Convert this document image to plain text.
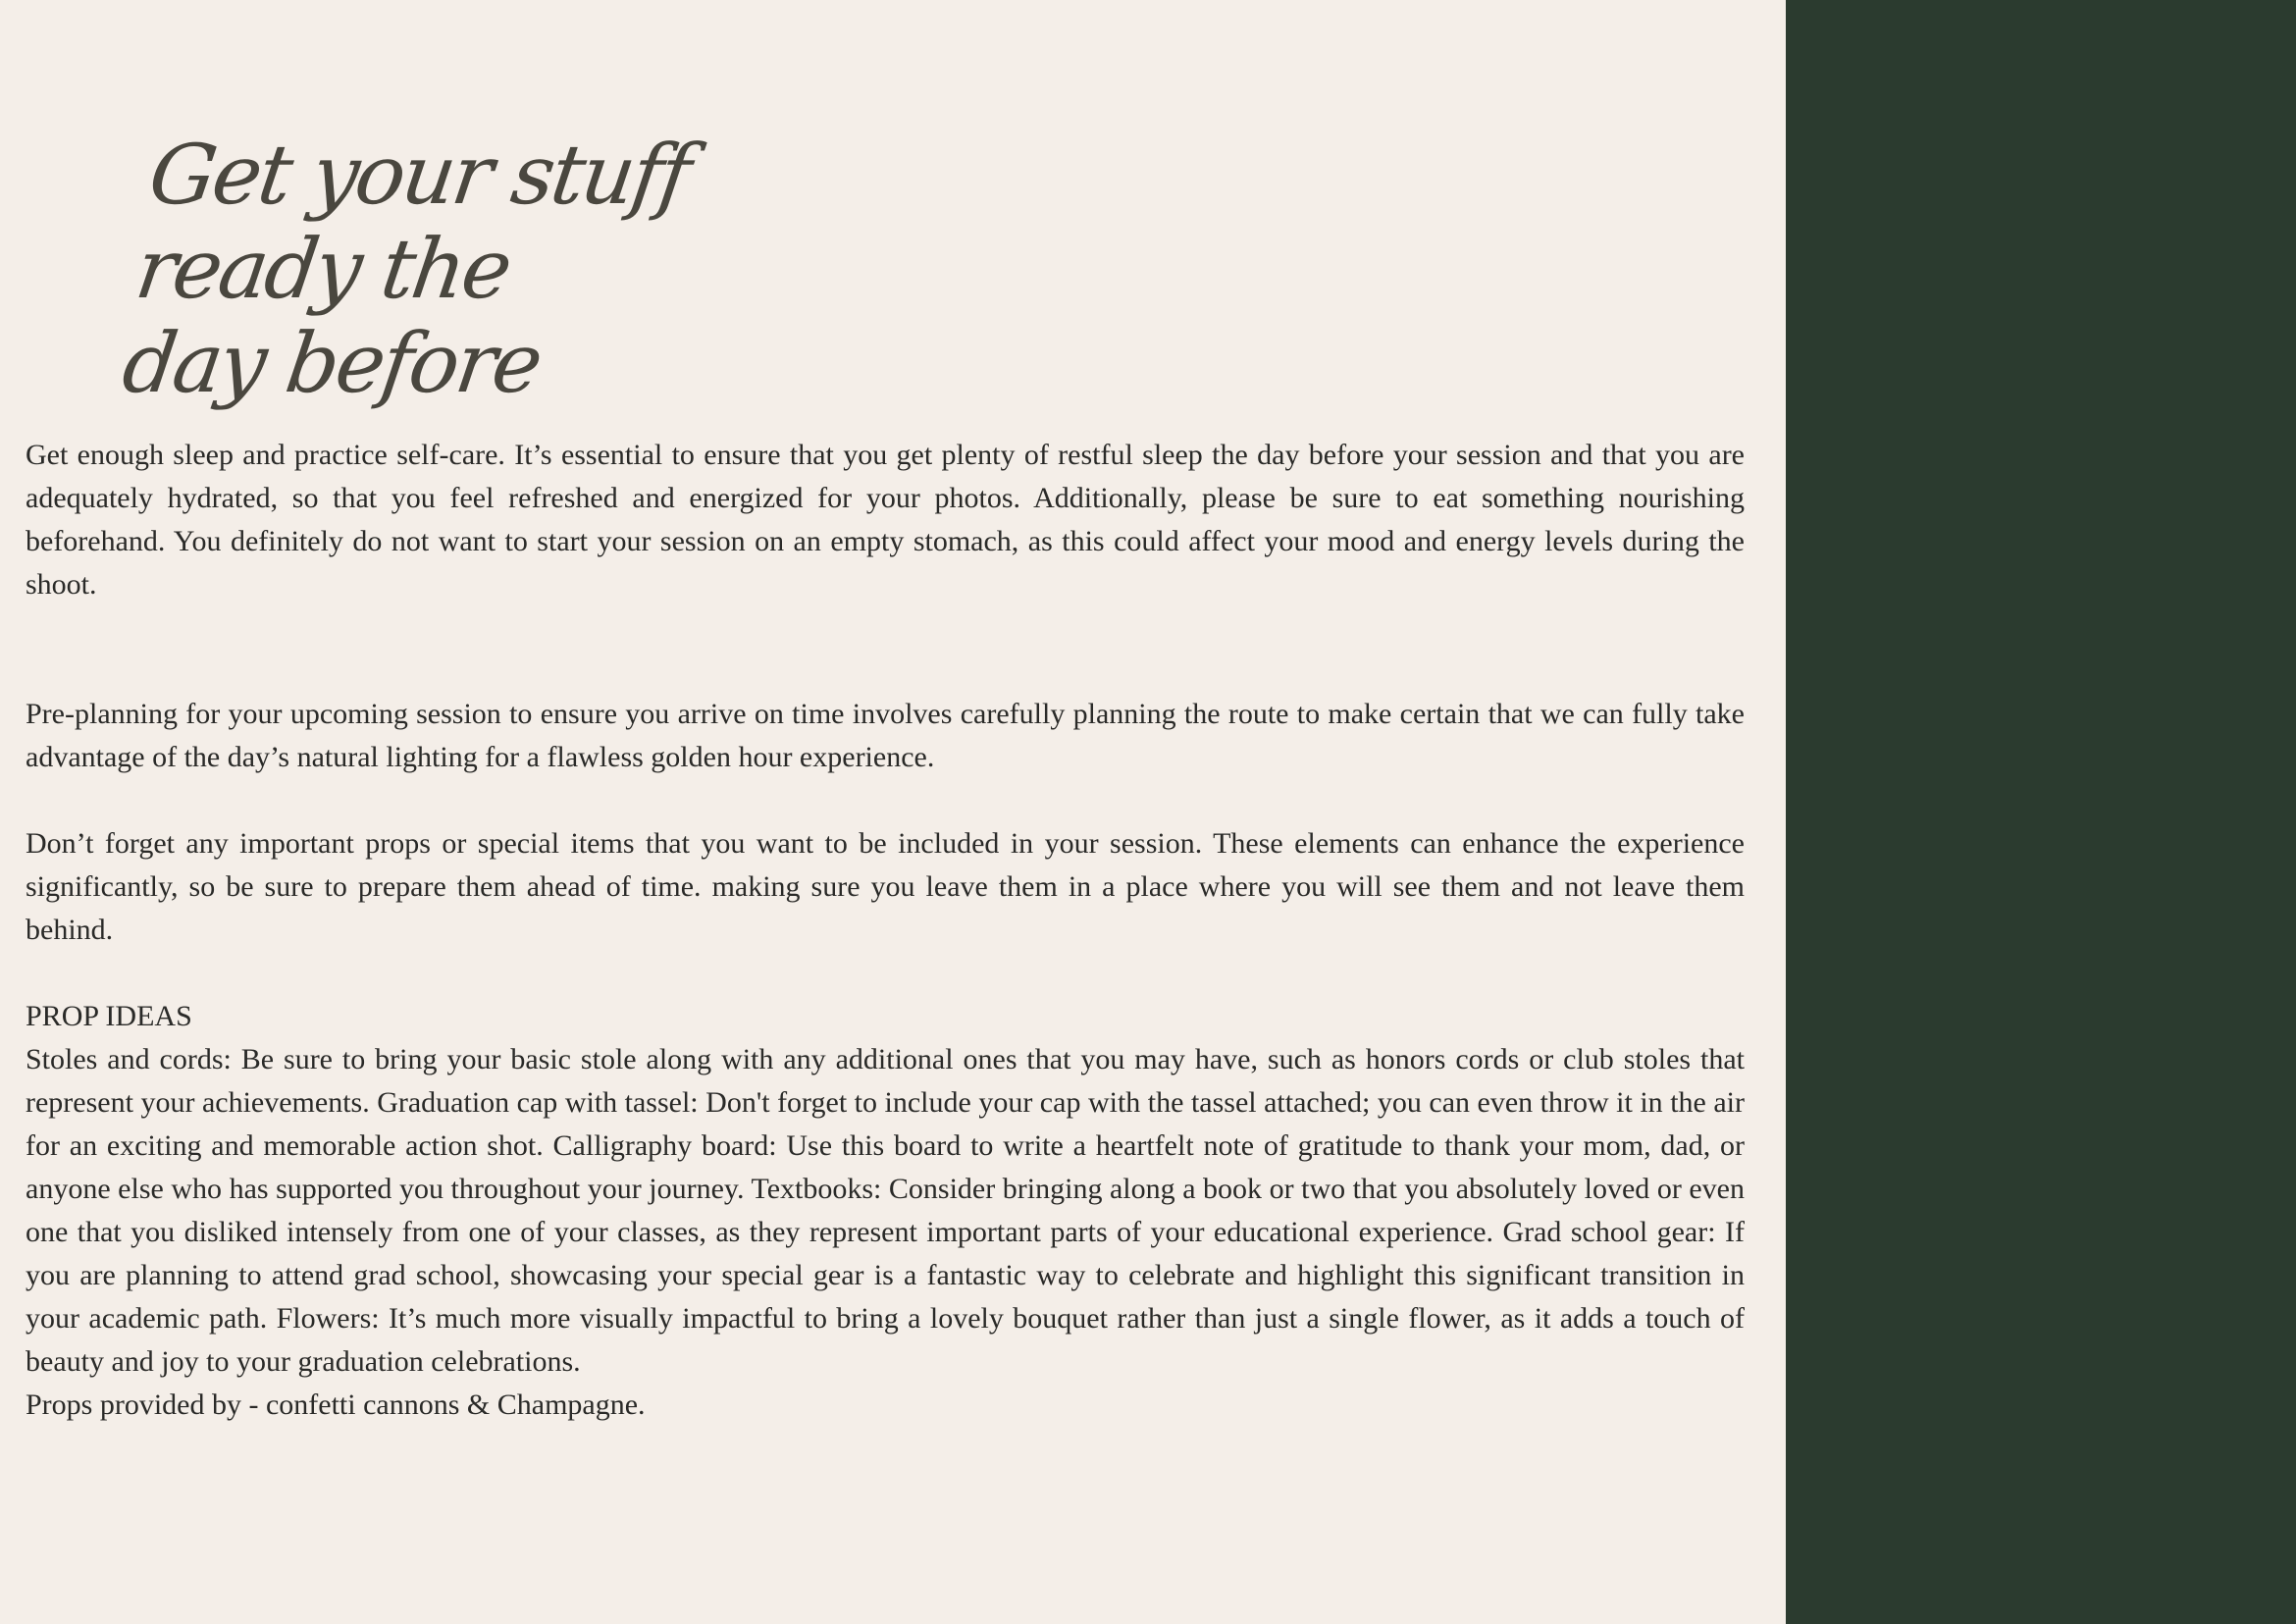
Get your stuff ready the
day before

Get enough sleep and practice self-care. It’s essential to ensure that you get plenty of restful sleep the day before your session and that you are adequately hydrated, so that you feel refreshed and energized for your photos. Additionally, please be sure to eat something nourishing beforehand. You definitely do not want to start your session on an empty stomach, as this could affect your mood and energy levels during the shoot.

Pre-planning for your upcoming session to ensure you arrive on time involves carefully planning the route to make certain that we can fully take advantage of the day’s natural lighting for a flawless golden hour experience.

Don’t forget any important props or special items that you want to be included in your session. These elements can enhance the experience significantly, so be sure to prepare them ahead of time. making sure you leave them in a place where you will see them and not leave them behind.

PROP IDEAS

Stoles and cords: Be sure to bring your basic stole along with any additional ones that you may have, such as honors cords or club stoles that represent your achievements. Graduation cap with tassel: Don't forget to include your cap with the tassel attached; you can even throw it in the air for an exciting and memorable action shot. Calligraphy board: Use this board to write a heartfelt note of gratitude to thank your mom, dad, or anyone else who has supported you throughout your journey. Textbooks: Consider bringing along a book or two that you absolutely loved or even one that you disliked intensely from one of your classes, as they represent important parts of your educational experience. Grad school gear: If you are planning to attend grad school, showcasing your special gear is a fantastic way to celebrate and highlight this significant transition in your academic path. Flowers: It’s much more visually impactful to bring a lovely bouquet rather than just a single flower, as it adds a touch of beauty and joy to your graduation celebrations.

Props provided by - confetti cannons & Champagne.
